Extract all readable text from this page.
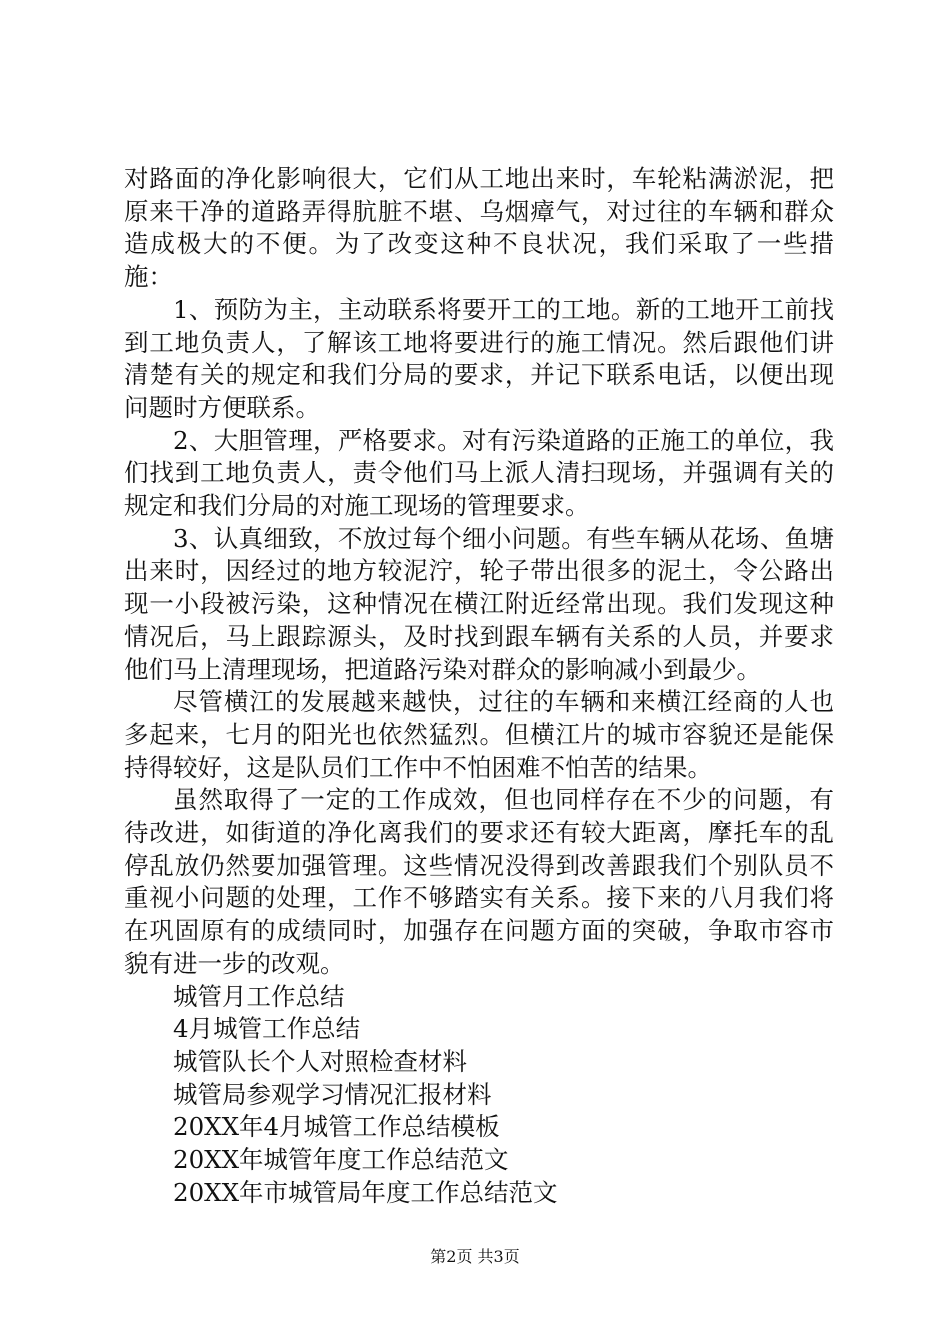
对路面的净化影响很大，它们从工地出来时，车轮粘满淤泥，把原来干净的道路弄得肮脏不堪、乌烟瘴气，对过往的车辆和群众造成极大的不便。为了改变这种不良状况，我们采取了一些措施：

1、预防为主，主动联系将要开工的工地。新的工地开工前找到工地负责人，了解该工地将要进行的施工情况。然后跟他们讲清楚有关的规定和我们分局的要求，并记下联系电话，以便出现问题时方便联系。

2、大胆管理，严格要求。对有污染道路的正施工的单位，我们找到工地负责人，责令他们马上派人清扫现场，并强调有关的规定和我们分局的对施工现场的管理要求。

3、认真细致，不放过每个细小问题。有些车辆从花场、鱼塘出来时，因经过的地方较泥泞，轮子带出很多的泥土，令公路出现一小段被污染，这种情况在横江附近经常出现。我们发现这种情况后，马上跟踪源头，及时找到跟车辆有关系的人员，并要求他们马上清理现场，把道路污染对群众的影响减小到最少。

尽管横江的发展越来越快，过往的车辆和来横江经商的人也多起来，七月的阳光也依然猛烈。但横江片的城市容貌还是能保持得较好，这是队员们工作中不怕困难不怕苦的结果。

虽然取得了一定的工作成效，但也同样存在不少的问题，有待改进，如街道的净化离我们的要求还有较大距离，摩托车的乱停乱放仍然要加强管理。这些情况没得到改善跟我们个别队员不重视小问题的处理，工作不够踏实有关系。接下来的八月我们将在巩固原有的成绩同时，加强存在问题方面的突破，争取市容市貌有进一步的改观。

城管月工作总结

4月城管工作总结

城管队长个人对照检查材料

城管局参观学习情况汇报材料

20XX年4月城管工作总结模板

20XX年城管年度工作总结范文

20XX年市城管局年度工作总结范文

第2页 共3页
